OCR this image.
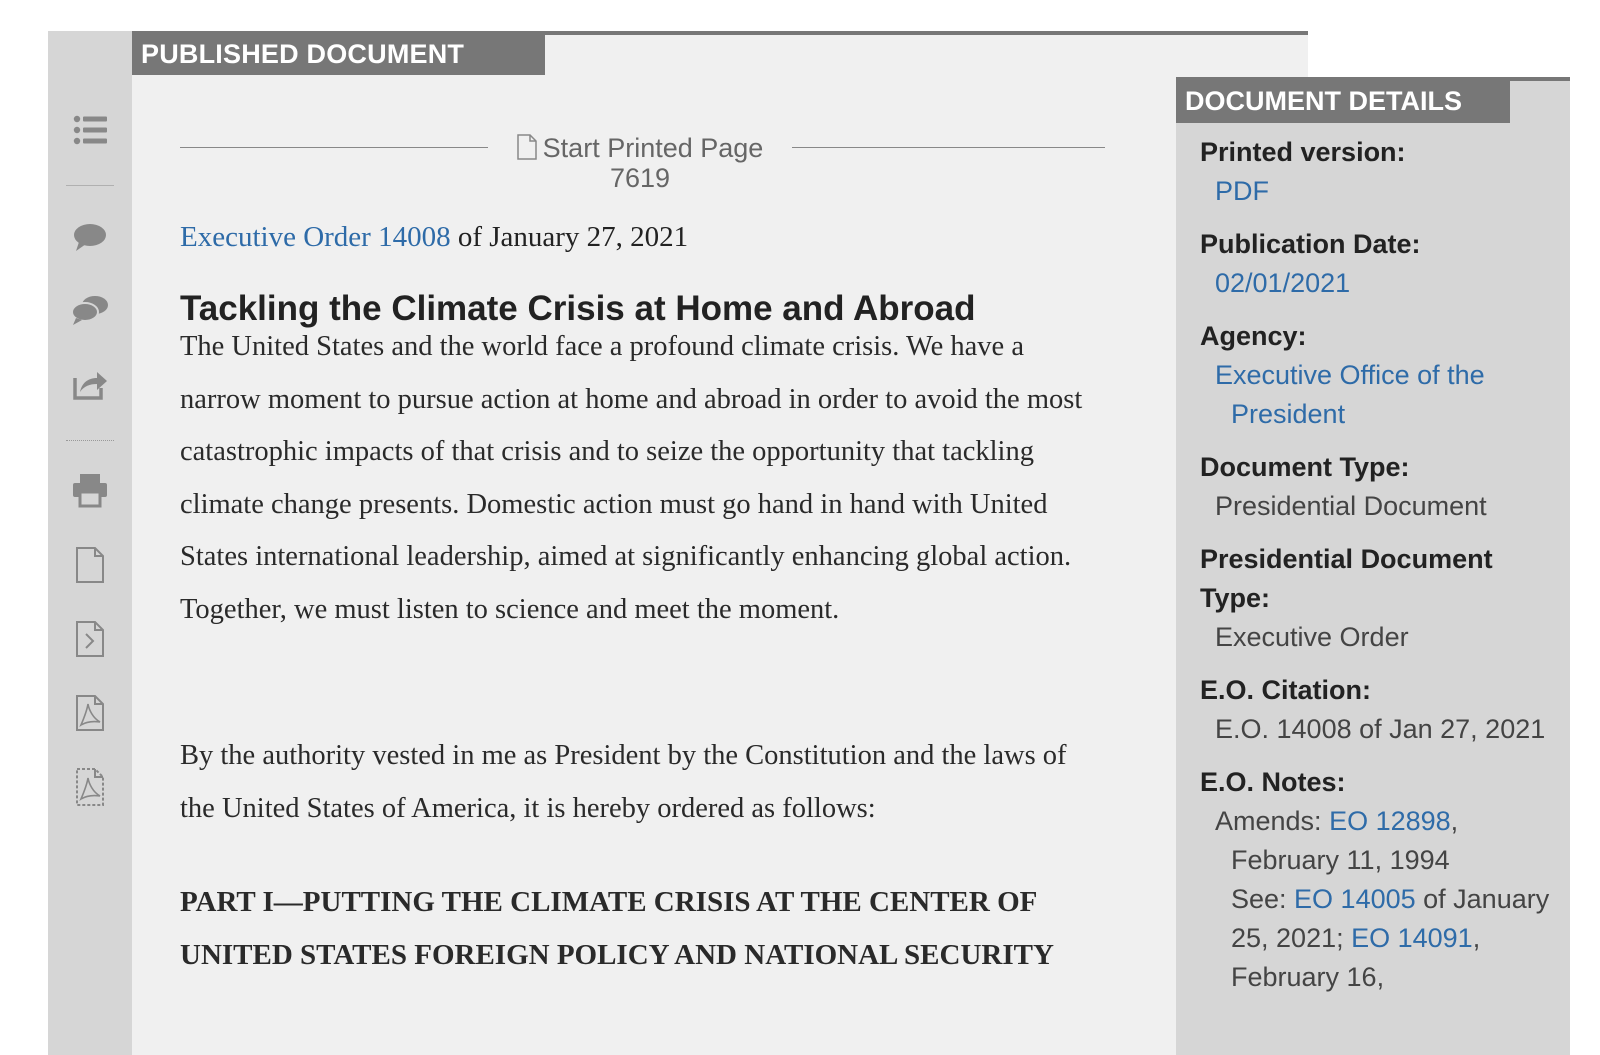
PUBLISHED DOCUMENT
Start Printed Page
7619
Executive Order 14008 of January 27, 2021
Tackling the Climate Crisis at Home and Abroad

The United States and the world face a profound climate crisis. We have a narrow moment to pursue action at home and abroad in order to avoid the most catastrophic impacts of that crisis and to seize the opportunity that tackling climate change presents. Domestic action must go hand in hand with United States international leadership, aimed at significantly enhancing global action. Together, we must listen to science and meet the moment.

By the authority vested in me as President by the Constitution and the laws of the United States of America, it is hereby ordered as follows:

PART I—PUTTING THE CLIMATE CRISIS AT THE CENTER OF UNITED STATES FOREIGN POLICY AND NATIONAL SECURITY

DOCUMENT DETAILS
Printed version:
PDF
Publication Date:
02/01/2021
Agency:
Executive Office of the President
Document Type:
Presidential Document
Presidential Document Type:
Executive Order
E.O. Citation:
E.O. 14008 of Jan 27, 2021
E.O. Notes:
Amends: EO 12898, February 11, 1994
See: EO 14005 of January 25, 2021; EO 14091, February 16,
